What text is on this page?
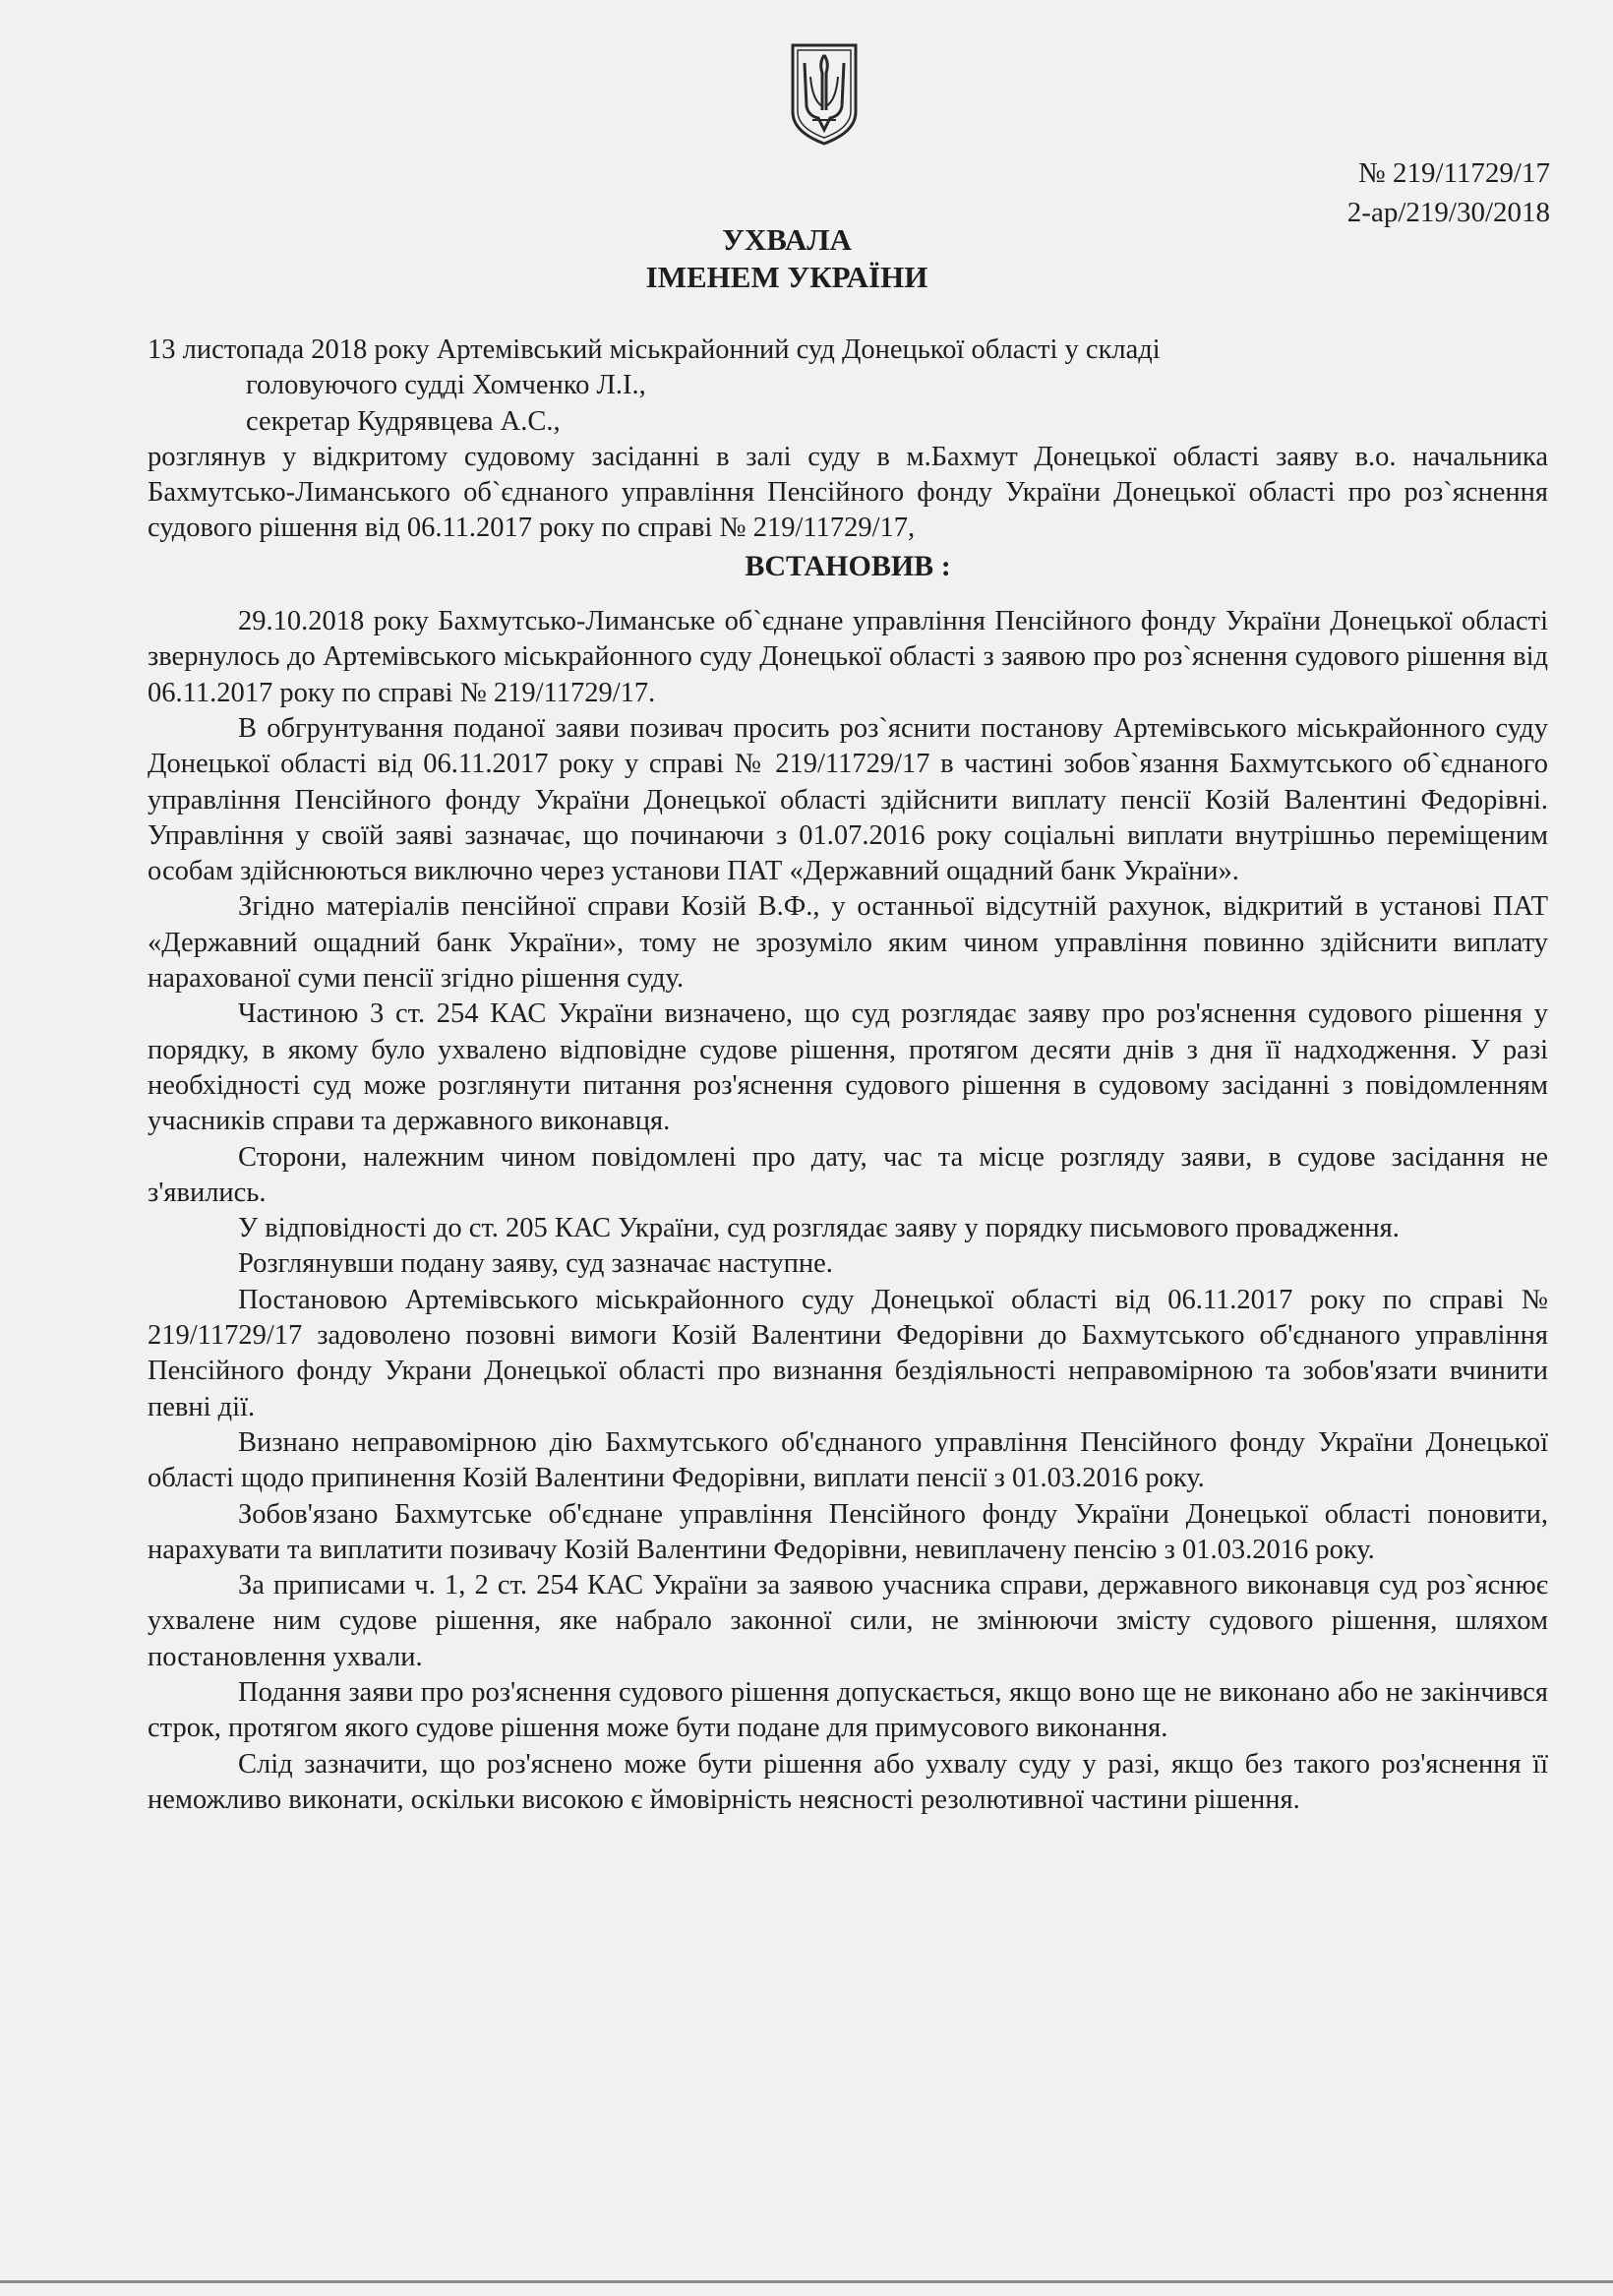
№ 219/11729/17
2-ар/219/30/2018
УХВАЛА
ІМЕНЕМ УКРАЇНИ

13 листопада 2018 року Артемівський міськрайонний суд Донецької області у складі

головуючого судді Хомченко Л.І.,

секретар Кудрявцева А.С.,

розглянув у відкритому судовому засіданні в залі суду в м.Бахмут Донецької області заяву в.о. начальника Бахмутсько-Лиманського об`єднаного управління Пенсійного фонду України Донецької області про роз`яснення судового рішення від 06.11.2017 року по справі № 219/11729/17,

ВСТАНОВИВ :

29.10.2018 року Бахмутсько-Лиманське об`єднане управління Пенсійного фонду України Донецької області звернулось до Артемівського міськрайонного суду Донецької області з заявою про роз`яснення судового рішення від 06.11.2017 року по справі № 219/11729/17.

В обгрунтування поданої заяви позивач просить роз`яснити постанову Артемівського міськрайонного суду Донецької області від 06.11.2017 року у справі № 219/11729/17 в частині зобов`язання Бахмутського об`єднаного управління Пенсійного фонду України Донецької області здійснити виплату пенсії Козій Валентині Федорівні. Управління у своїй заяві зазначає, що починаючи з 01.07.2016 року соціальні виплати внутрішньо переміщеним особам здійснюються виключно через установи ПАТ «Державний ощадний банк України».

Згідно матеріалів пенсійної справи Козій В.Ф., у останньої відсутній рахунок, відкритий в установі ПАТ «Державний ощадний банк України», тому не зрозуміло яким чином управління повинно здійснити виплату нарахованої суми пенсії згідно рішення суду.

Частиною 3 ст. 254 КАС України визначено, що суд розглядає заяву про роз'яснення судового рішення у порядку, в якому було ухвалено відповідне судове рішення, протягом десяти днів з дня її надходження. У разі необхідності суд може розглянути питання роз'яснення судового рішення в судовому засіданні з повідомленням учасників справи та державного виконавця.

Сторони, належним чином повідомлені про дату, час та місце розгляду заяви, в судове засідання не з'явились.

У відповідності до ст. 205 КАС України, суд розглядає заяву у порядку письмового провадження.

Розглянувши подану заяву, суд зазначає наступне.

Постановою Артемівського міськрайонного суду Донецької області від 06.11.2017 року по справі № 219/11729/17 задоволено позовні вимоги Козій Валентини Федорівни до Бахмутського об'єднаного управління Пенсійного фонду Украни Донецької області про визнання бездіяльності неправомірною та зобов'язати вчинити певні дії.

Визнано неправомірною дію Бахмутського об'єднаного управління Пенсійного фонду України Донецької області щодо припинення Козій Валентини Федорівни, виплати пенсії з 01.03.2016 року.

Зобов'язано Бахмутське об'єднане управління Пенсійного фонду України Донецької області поновити, нарахувати та виплатити позивачу Козій Валентини Федорівни, невиплачену пенсію з 01.03.2016 року.

За приписами ч. 1, 2 ст. 254 КАС України за заявою учасника справи, державного виконавця суд роз`яснює ухвалене ним судове рішення, яке набрало законної сили, не змінюючи змісту судового рішення, шляхом постановлення ухвали.

Подання заяви про роз'яснення судового рішення допускається, якщо воно ще не виконано або не закінчився строк, протягом якого судове рішення може бути подане для примусового виконання.

Слід зазначити, що роз'яснено може бути рішення або ухвалу суду у разі, якщо без такого роз'яснення її неможливо виконати, оскільки високою є ймовірність неясності резолютивної частини рішення.
